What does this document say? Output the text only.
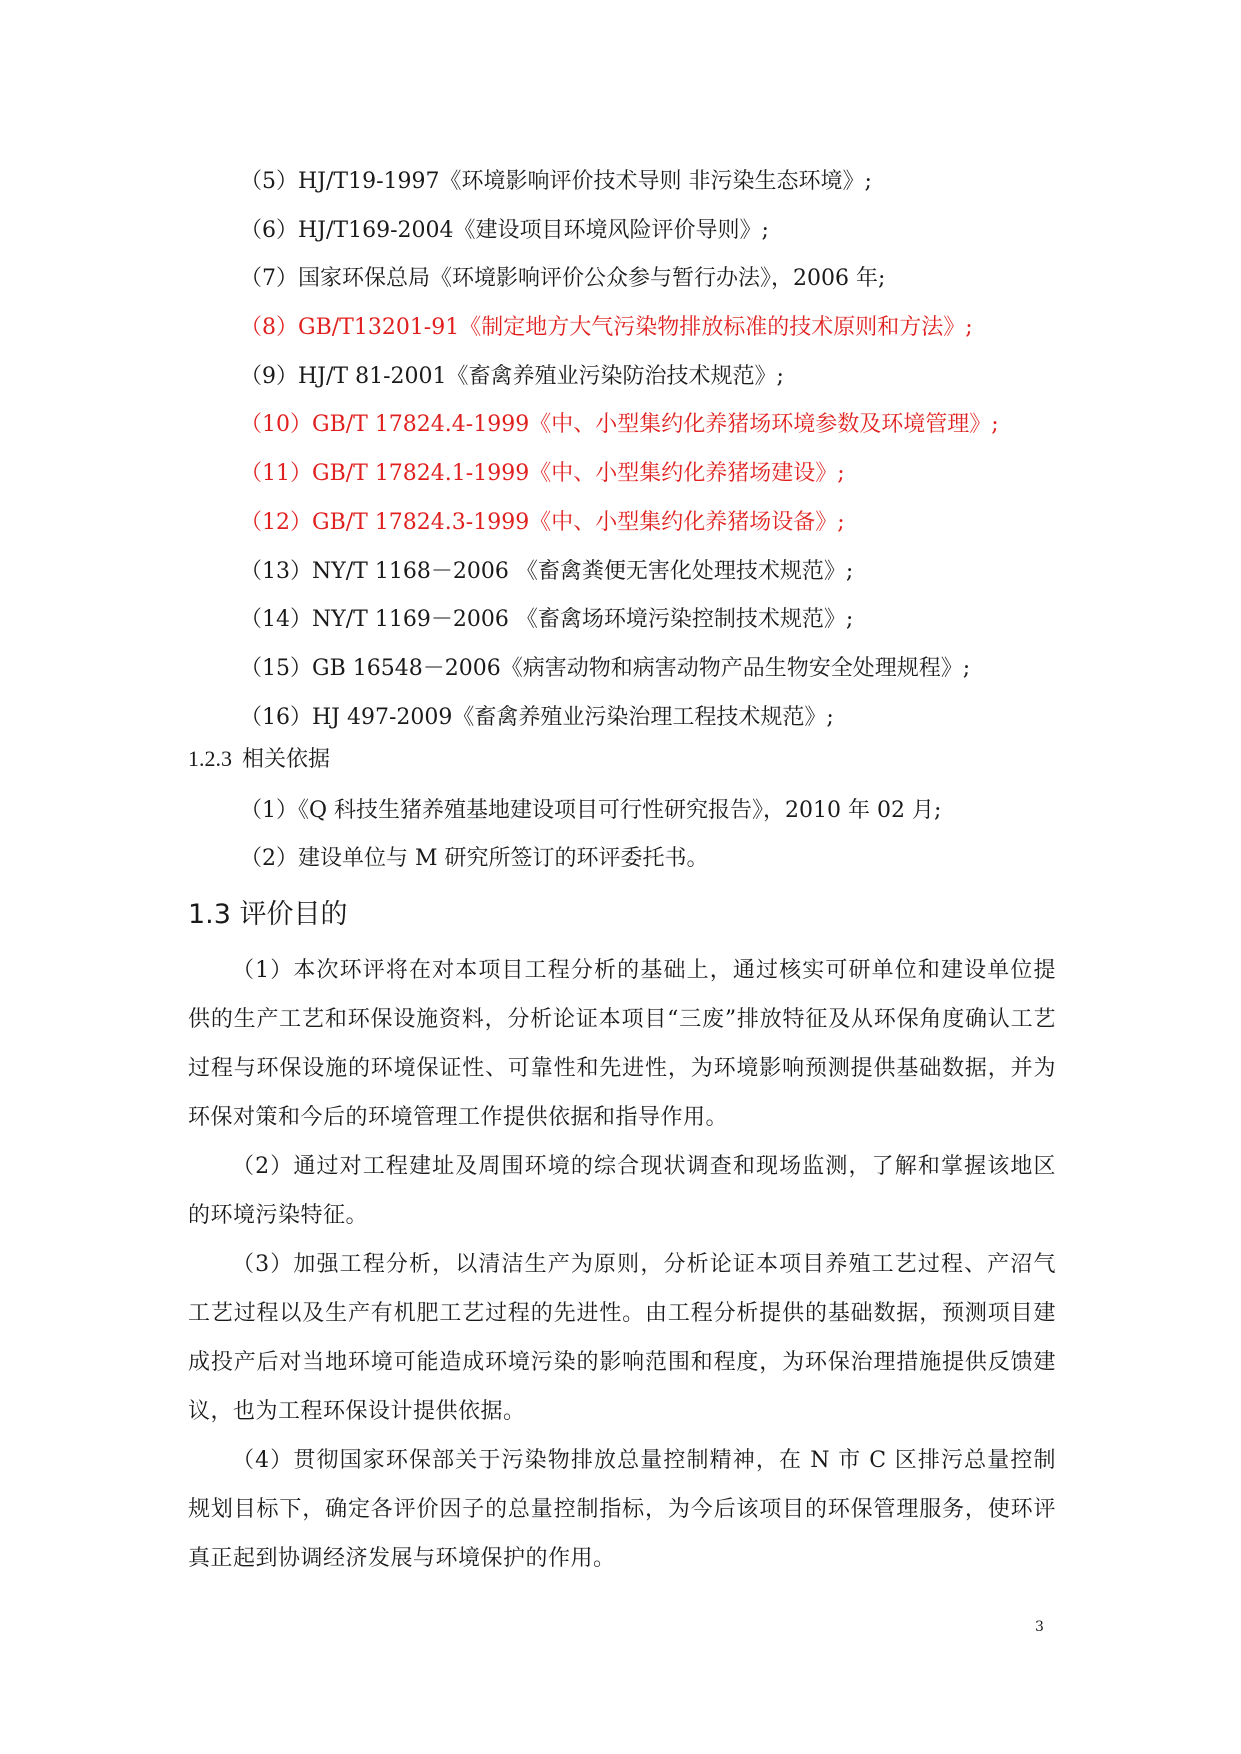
（5）HJ/T19-1997《环境影响评价技术导则 非污染生态环境》;
（6）HJ/T169-2004《建设项目环境风险评价导则》;
（7）国家环保总局《环境影响评价公众参与暂行办法》，2006 年;
（8）GB/T13201-91《制定地方大气污染物排放标准的技术原则和方法》;
（9）HJ/T 81-2001《畜禽养殖业污染防治技术规范》;
（10）GB/T 17824.4-1999《中、小型集约化养猪场环境参数及环境管理》;
（11）GB/T 17824.1-1999《中、小型集约化养猪场建设》;
（12）GB/T 17824.3-1999《中、小型集约化养猪场设备》;
（13）NY/T 1168－2006 《畜禽粪便无害化处理技术规范》;
（14）NY/T 1169－2006 《畜禽场环境污染控制技术规范》;
（15）GB 16548－2006《病害动物和病害动物产品生物安全处理规程》;
（16）HJ 497-2009《畜禽养殖业污染治理工程技术规范》;
1.2.3 相关依据
（1）《Q 科技生猪养殖基地建设项目可行性研究报告》，2010 年 02 月;
（2）建设单位与 M 研究所签订的环评委托书。
1.3 评价目的

（1）本次环评将在对本项目工程分析的基础上，通过核实可研单位和建设单位提供的生产工艺和环保设施资料，分析论证本项目“三废”排放特征及从环保角度确认工艺过程与环保设施的环境保证性、可靠性和先进性，为环境影响预测提供基础数据，并为环保对策和今后的环境管理工作提供依据和指导作用。

（2）通过对工程建址及周围环境的综合现状调查和现场监测，了解和掌握该地区的环境污染特征。

（3）加强工程分析，以清洁生产为原则，分析论证本项目养殖工艺过程、产沼气工艺过程以及生产有机肥工艺过程的先进性。由工程分析提供的基础数据，预测项目建成投产后对当地环境可能造成环境污染的影响范围和程度，为环保治理措施提供反馈建议，也为工程环保设计提供依据。

（4）贯彻国家环保部关于污染物排放总量控制精神，在 N 市 C 区排污总量控制规划目标下，确定各评价因子的总量控制指标，为今后该项目的环保管理服务，使环评真正起到协调经济发展与环境保护的作用。

3
